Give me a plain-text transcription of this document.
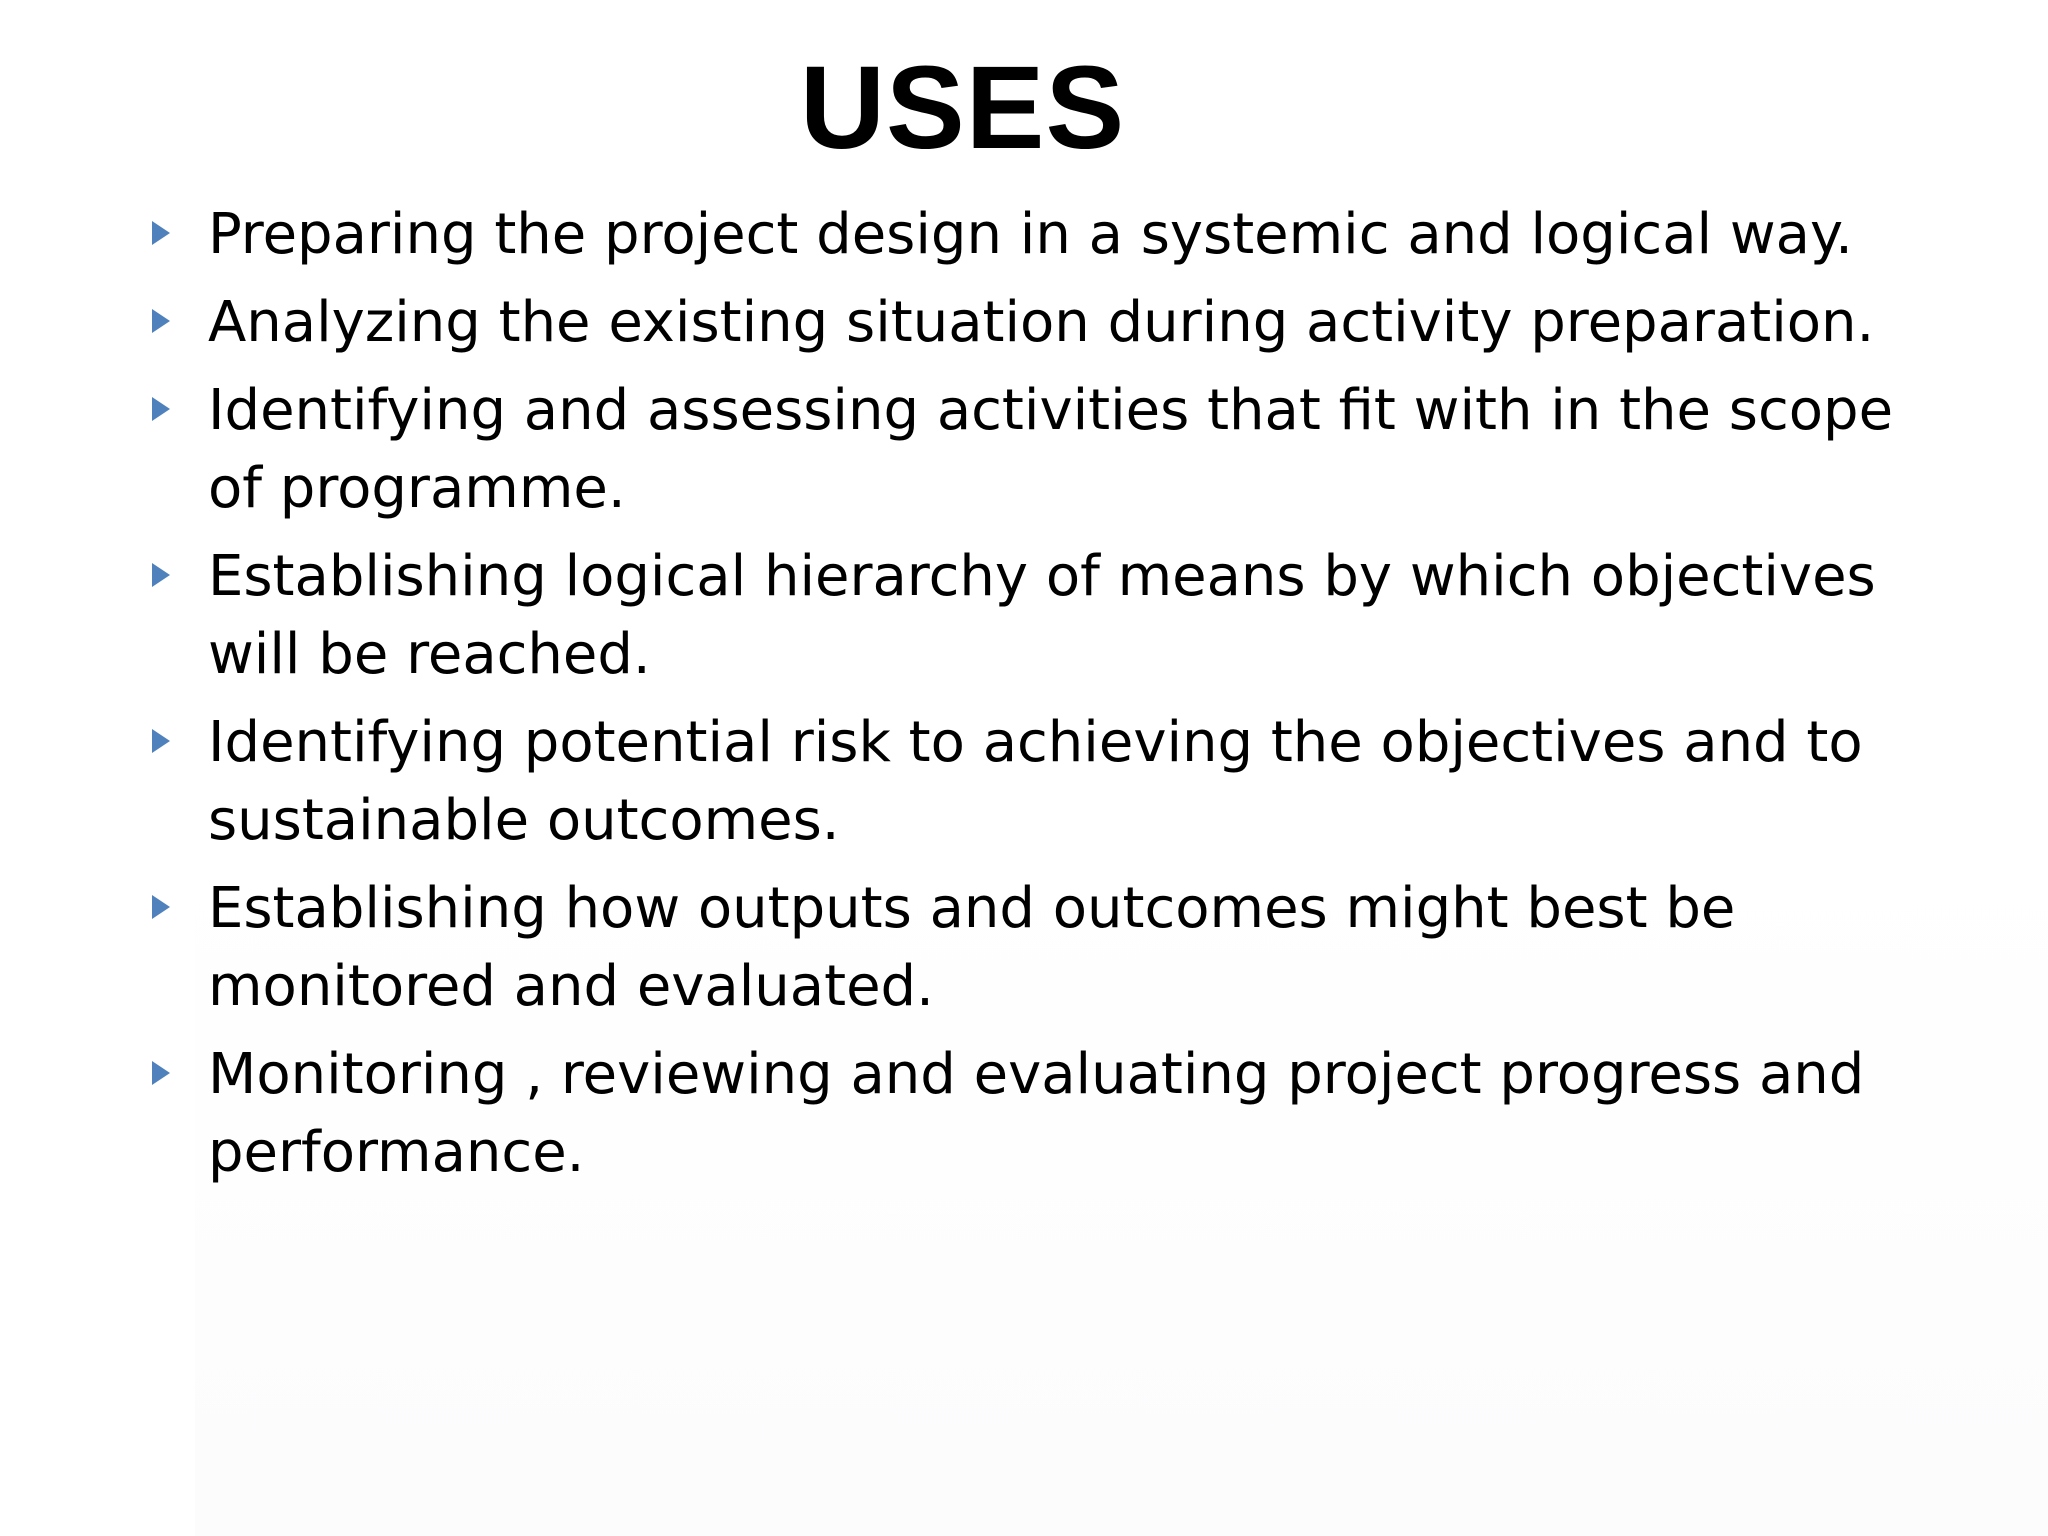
USES
Preparing the project design in a systemic and logical way.
Analyzing the existing situation during activity preparation.
Identifying and assessing activities that fit with in the scope of programme.
Establishing logical hierarchy of means by which objectives will be reached.
Identifying potential risk to achieving the objectives and to sustainable outcomes.
Establishing how outputs and outcomes might best be monitored and evaluated.
Monitoring , reviewing and evaluating project progress and performance.
